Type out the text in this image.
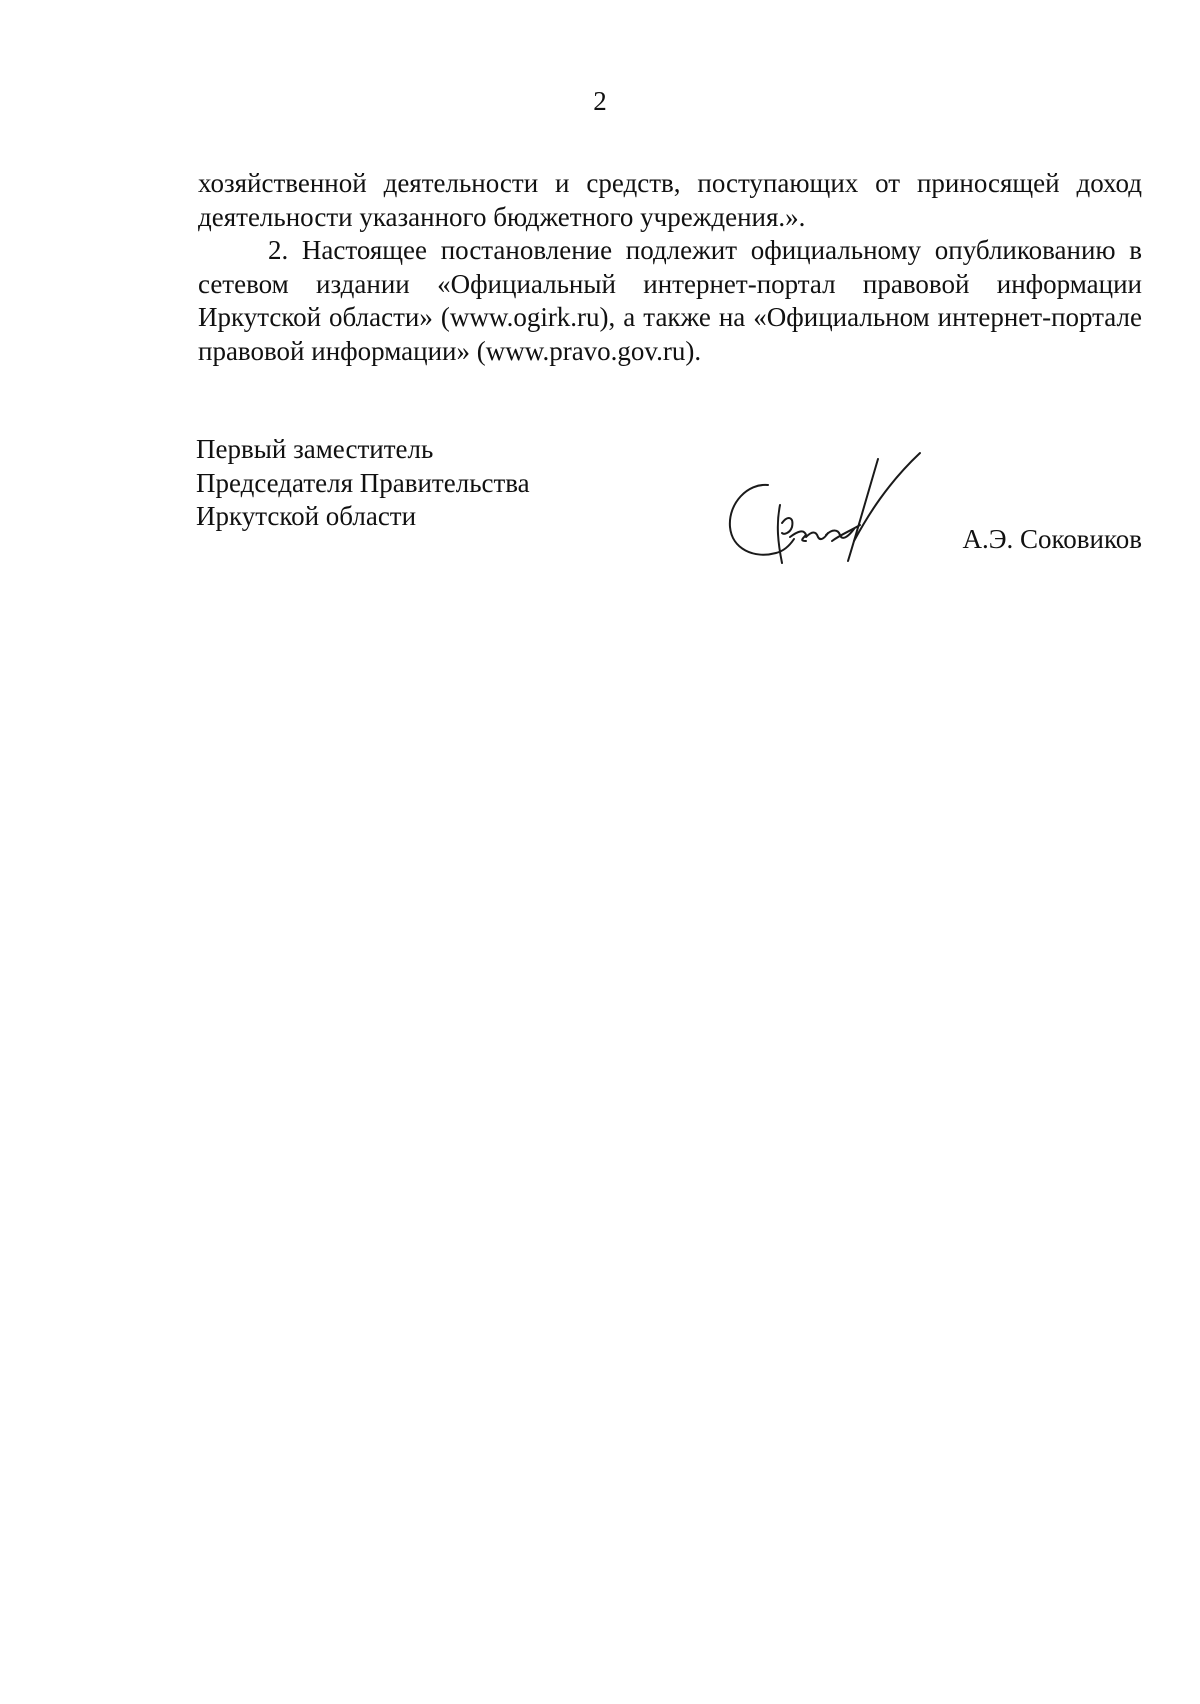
2

хозяйственной деятельности и средств, поступающих от приносящей доход деятельности указанного бюджетного учреждения.».

2. Настоящее постановление подлежит официальному опубликованию в сетевом издании «Официальный интернет-портал правовой информации Иркутской области» (www.ogirk.ru), а также на «Официальном интернет-портале правовой информации» (www.pravo.gov.ru).

Первый заместитель
Председателя Правительства
Иркутской области
А.Э. Соковиков
